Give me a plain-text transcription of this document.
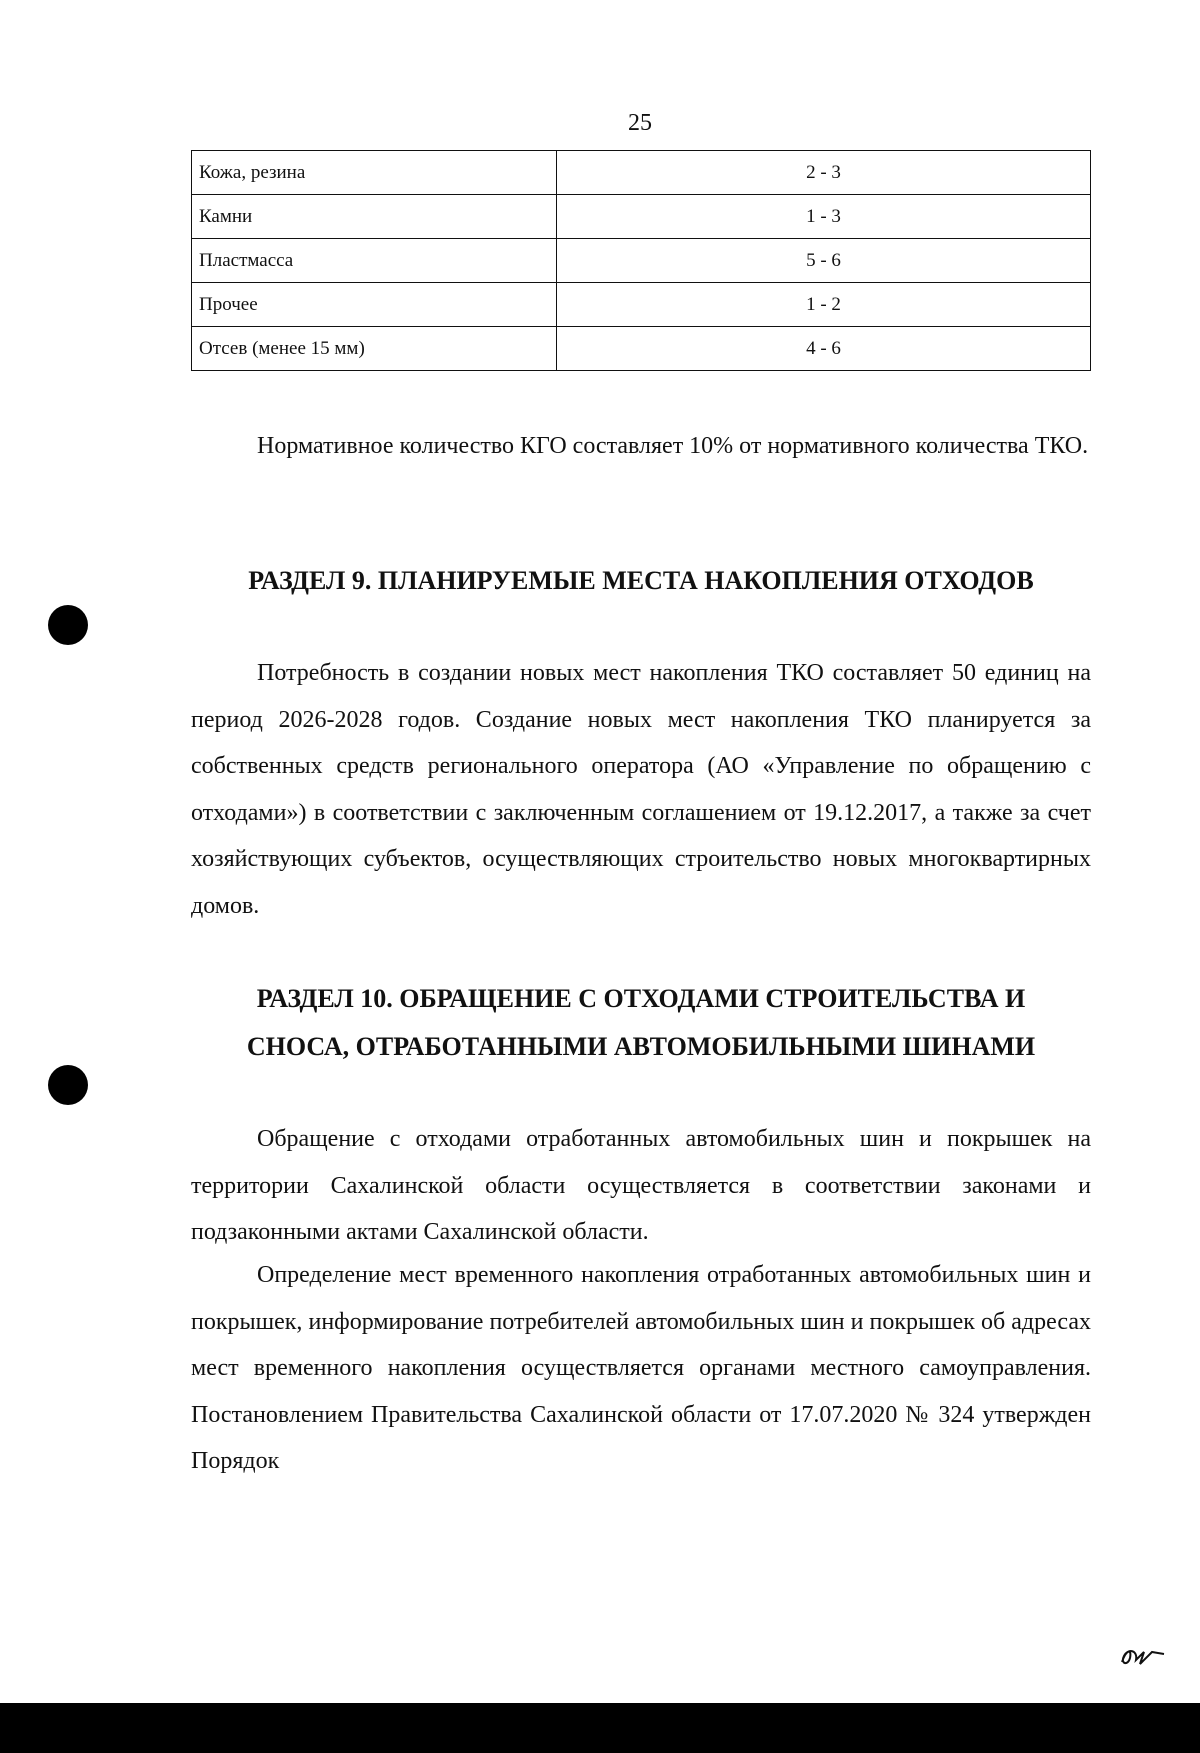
25
Кожа, резина	2 - 3
Камни	1 - 3
Пластмасса	5 - 6
Прочее	1 - 2
Отсев (менее 15 мм)	4 - 6

Нормативное количество КГО составляет 10% от нормативного количества ТКО.

РАЗДЕЛ 9. ПЛАНИРУЕМЫЕ МЕСТА НАКОПЛЕНИЯ ОТХОДОВ

Потребность в создании новых мест накопления ТКО составляет 50 единиц на период 2026-2028 годов. Создание новых мест накопления ТКО планируется за собственных средств регионального оператора (АО «Управление по обращению с отходами») в соответствии с заключенным соглашением от 19.12.2017, а также за счет хозяйствующих субъектов, осуществляющих строительство новых многоквартирных домов.

РАЗДЕЛ 10. ОБРАЩЕНИЕ С ОТХОДАМИ СТРОИТЕЛЬСТВА И
СНОСА, ОТРАБОТАННЫМИ АВТОМОБИЛЬНЫМИ ШИНАМИ

Обращение с отходами отработанных автомобильных шин и покрышек на территории Сахалинской области осуществляется в соответствии законами и подзаконными актами Сахалинской области.

Определение мест временного накопления отработанных автомобильных шин и покрышек, информирование потребителей автомобильных шин и покрышек об адресах мест временного накопления осуществляется органами местного самоуправления. Постановлением Правительства Сахалинской области от 17.07.2020 № 324 утвержден Порядок
